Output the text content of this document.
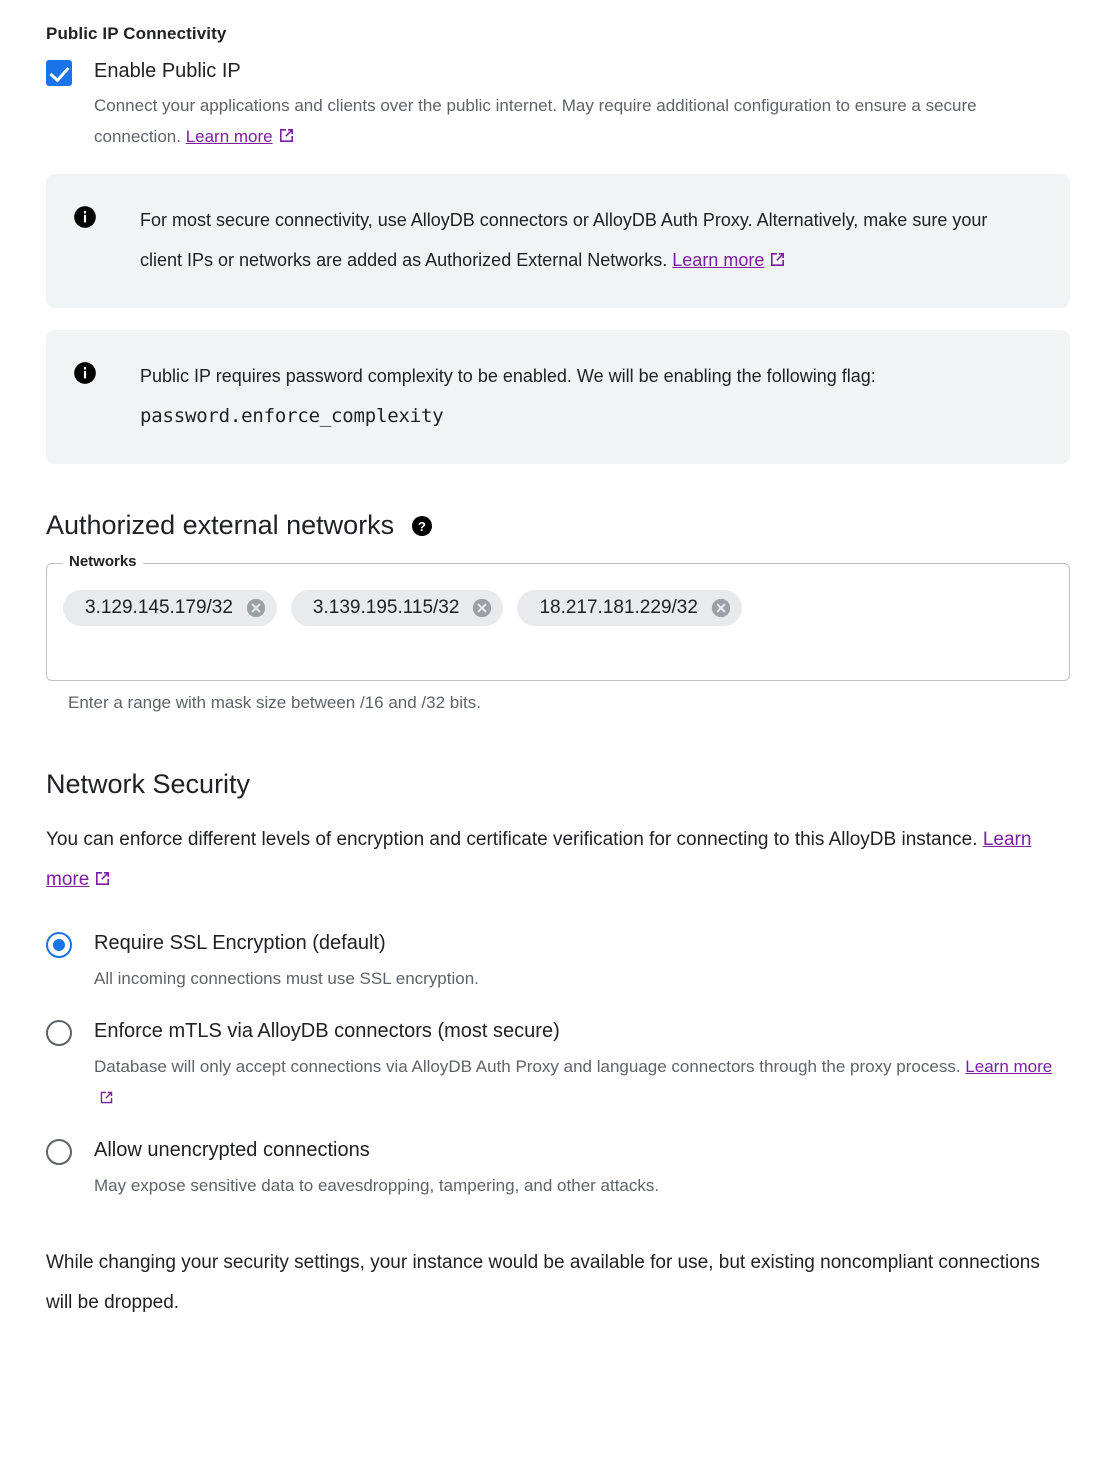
Public IP Connectivity
Enable Public IP
Connect your applications and clients over the public internet. May require additional configuration to ensure a secure connection. Learn more
For most secure connectivity, use AlloyDB connectors or AlloyDB Auth Proxy. Alternatively, make sure your client IPs or networks are added as Authorized External Networks. Learn more
Public IP requires password complexity to be enabled. We will be enabling the following flag:
password.enforce_complexity
Authorized external networks ?
Networks
3.129.145.179/32	3.139.195.115/32	18.217.181.229/32
Enter a range with mask size between /16 and /32 bits.
Network Security
You can enforce different levels of encryption and certificate verification for connecting to this AlloyDB instance. Learn more
Require SSL Encryption (default)
All incoming connections must use SSL encryption.
Enforce mTLS via AlloyDB connectors (most secure)
Database will only accept connections via AlloyDB Auth Proxy and language connectors through the proxy process. Learn more
Allow unencrypted connections
May expose sensitive data to eavesdropping, tampering, and other attacks.
While changing your security settings, your instance would be available for use, but existing noncompliant connections will be dropped.
